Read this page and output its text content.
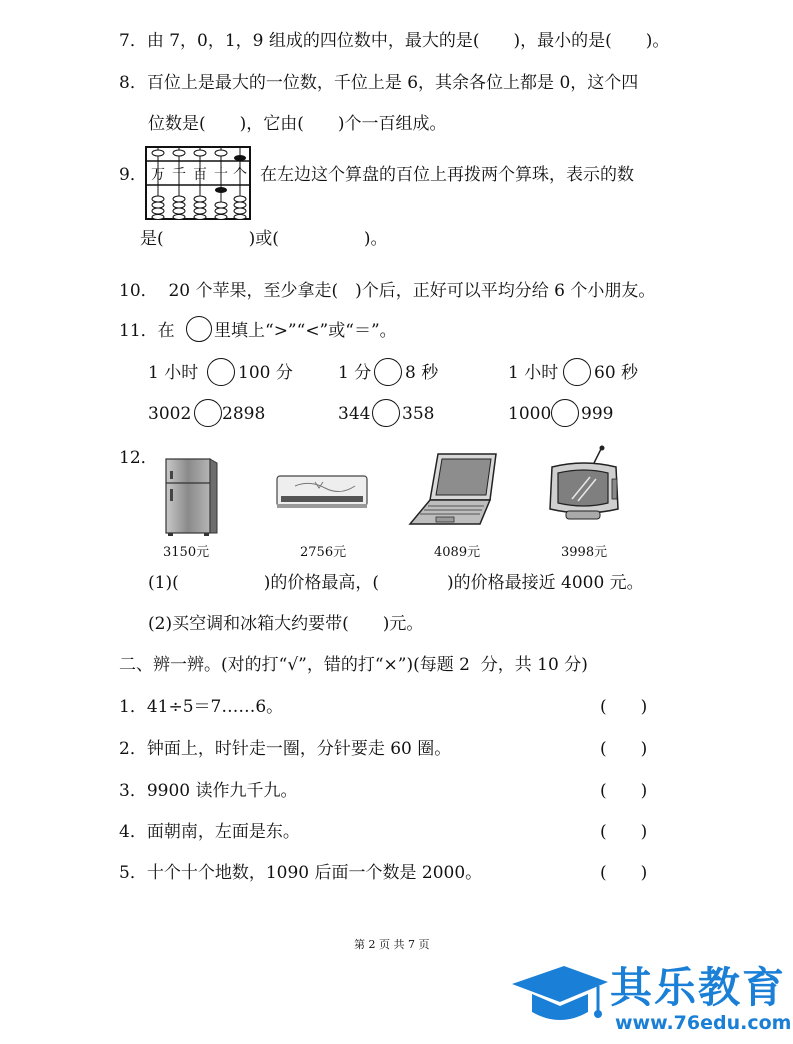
7．由 7，0，1，9 组成的四位数中，最大的是(　　)，最小的是(　　)。
8．百位上是最大的一位数，千位上是 6，其余各位上都是 0，这个四
位数是(　　)，它由(　　)个一百组成。
9． 万 千 百 十 个 在左边这个算盘的百位上再拨两个算珠，表示的数
是(　　　　　)或(　　　　　)。
10．  20 个苹果，至少拿走(　)个后，正好可以平均分给 6 个小朋友。
11．在 里填上“>”“<”或“＝”。
1 小时 100 分	1 分 8 秒	1 小时 60 秒
3002 2898	344 358	1000 999
12．
3150元	2756元	4089元	3998元
(1)(　　　　　)的价格最高，(　　　　)的价格最接近 4000 元。
(2)买空调和冰箱大约要带(　　)元。
二、辨一辨。(对的打“√”，错的打“×”)(每题 2  分，共 10 分)
1．41÷5＝7……6。	(　　)
2．钟面上，时针走一圈，分针要走 60 圈。	(　　)
3．9900 读作九千九。	(　　)
4．面朝南，左面是东。	(　　)
5．十个十个地数，1090 后面一个数是 2000。	(　　)
第 2 页 共 7 页
其乐教育
www.76edu.com
